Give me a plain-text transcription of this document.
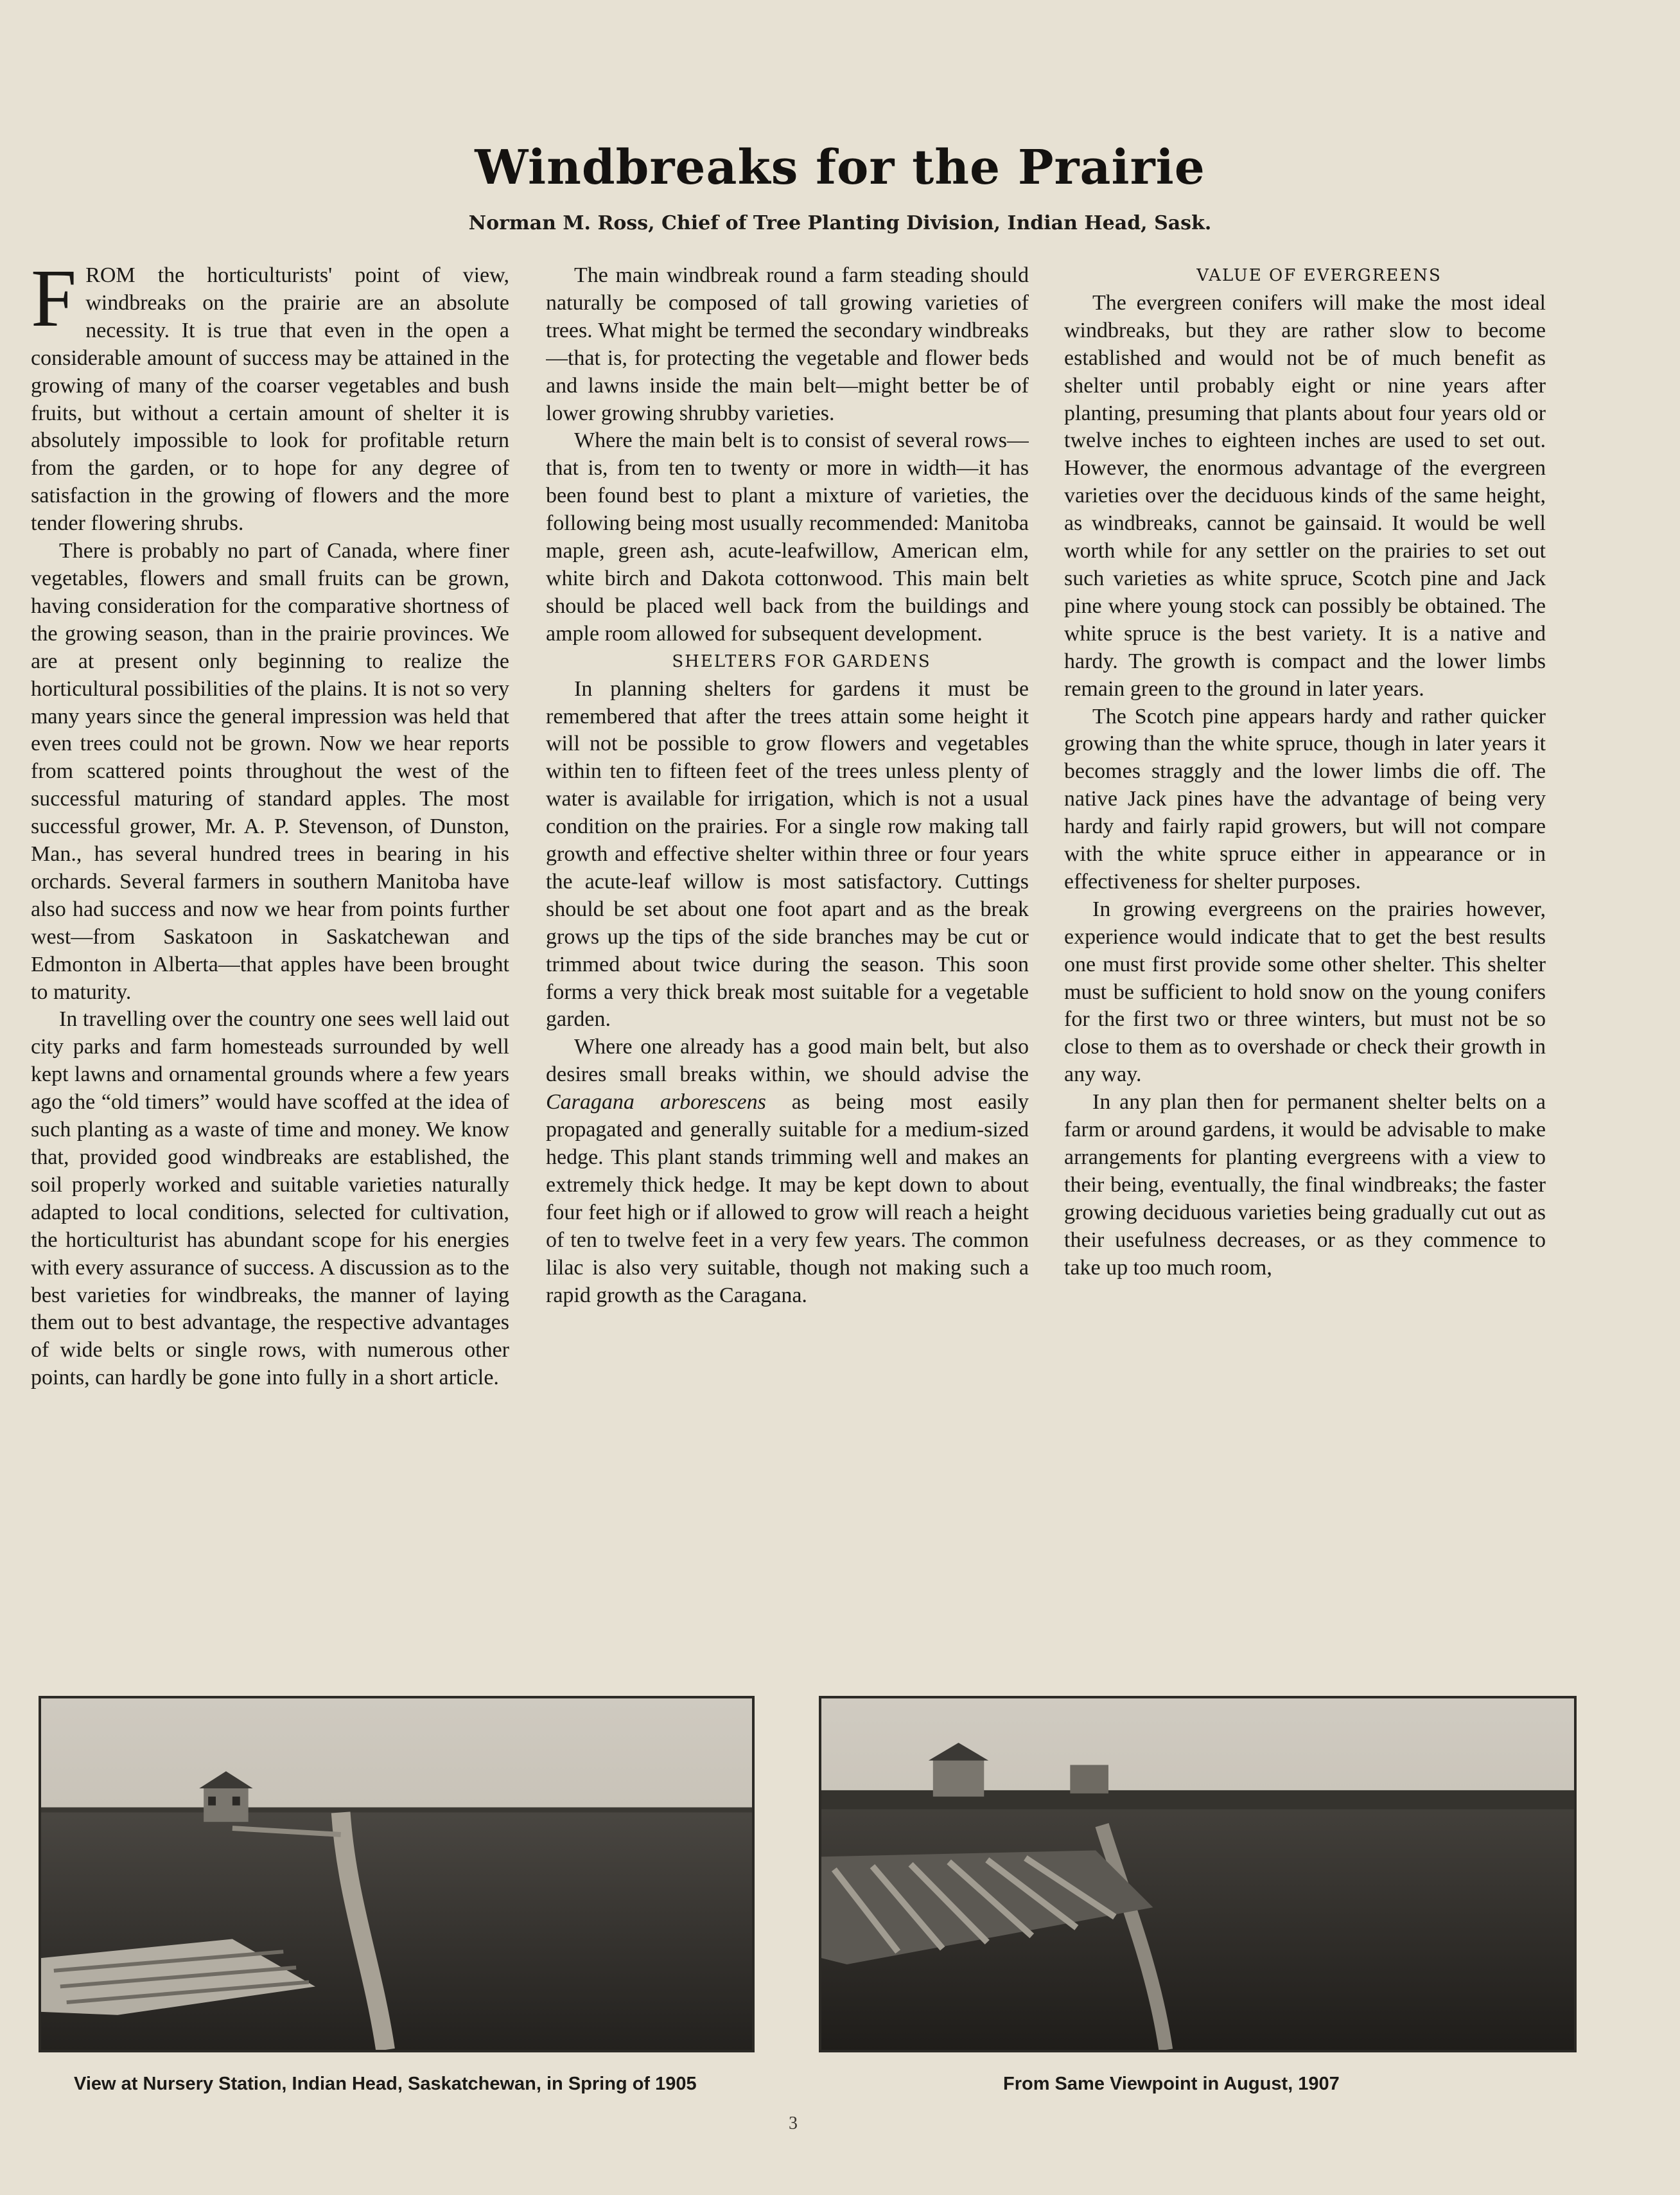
Windbreaks for the Prairie

Norman M. Ross, Chief of Tree Planting Division, Indian Head, Sask.

FROM the horticulturists' point of view, windbreaks on the prairie are an absolute necessity. It is true that even in the open a considerable amount of success may be attained in the growing of many of the coarser vegetables and bush fruits, but without a certain amount of shelter it is absolutely impossible to look for profitable return from the garden, or to hope for any degree of satisfaction in the growing of flowers and the more tender flowering shrubs.

There is probably no part of Canada, where finer vegetables, flowers and small fruits can be grown, having consideration for the comparative shortness of the growing season, than in the prairie provinces. We are at present only beginning to realize the horticultural possibilities of the plains. It is not so very many years since the general impression was held that even trees could not be grown. Now we hear reports from scattered points throughout the west of the successful maturing of standard apples. The most successful grower, Mr. A. P. Stevenson, of Dunston, Man., has several hundred trees in bearing in his orchards. Several farmers in southern Manitoba have also had success and now we hear from points further west—from Saskatoon in Saskatchewan and Edmonton in Alberta—that apples have been brought to maturity.

In travelling over the country one sees well laid out city parks and farm homesteads surrounded by well kept lawns and ornamental grounds where a few years ago the “old timers” would have scoffed at the idea of such planting as a waste of time and money. We know that, provided good windbreaks are established, the soil properly worked and suitable varieties naturally adapted to local conditions, selected for cultivation, the horticulturist has abundant scope for his energies with every assurance of success. A discussion as to the best varieties for windbreaks, the manner of laying them out to best advantage, the respective advantages of wide belts or single rows, with numerous other points, can hardly be gone into fully in a short article.

The main windbreak round a farm steading should naturally be composed of tall growing varieties of trees. What might be termed the secondary windbreaks—that is, for protecting the vegetable and flower beds and lawns inside the main belt—might better be of lower growing shrubby varieties.

Where the main belt is to consist of several rows—that is, from ten to twenty or more in width—it has been found best to plant a mixture of varieties, the following being most usually recommended: Manitoba maple, green ash, acute-leafwillow, American elm, white birch and Dakota cottonwood. This main belt should be placed well back from the buildings and ample room allowed for subsequent development.

SHELTERS FOR GARDENS

In planning shelters for gardens it must be remembered that after the trees attain some height it will not be possible to grow flowers and vegetables within ten to fifteen feet of the trees unless plenty of water is available for irrigation, which is not a usual condition on the prairies. For a single row making tall growth and effective shelter within three or four years the acute-leaf willow is most satisfactory. Cuttings should be set about one foot apart and as the break grows up the tips of the side branches may be cut or trimmed about twice during the season. This soon forms a very thick break most suitable for a vegetable garden.

Where one already has a good main belt, but also desires small breaks within, we should advise the Caragana arborescens as being most easily propagated and generally suitable for a medium-sized hedge. This plant stands trimming well and makes an extremely thick hedge. It may be kept down to about four feet high or if allowed to grow will reach a height of ten to twelve feet in a very few years. The common lilac is also very suitable, though not making such a rapid growth as the Caragana.

VALUE OF EVERGREENS

The evergreen conifers will make the most ideal windbreaks, but they are rather slow to become established and would not be of much benefit as shelter until probably eight or nine years after planting, presuming that plants about four years old or twelve inches to eighteen inches are used to set out. However, the enormous advantage of the evergreen varieties over the deciduous kinds of the same height, as windbreaks, cannot be gainsaid. It would be well worth while for any settler on the prairies to set out such varieties as white spruce, Scotch pine and Jack pine where young stock can possibly be obtained. The white spruce is the best variety. It is a native and hardy. The growth is compact and the lower limbs remain green to the ground in later years.

The Scotch pine appears hardy and rather quicker growing than the white spruce, though in later years it becomes straggly and the lower limbs die off. The native Jack pines have the advantage of being very hardy and fairly rapid growers, but will not compare with the white spruce either in appearance or in effectiveness for shelter purposes.

In growing evergreens on the prairies however, experience would indicate that to get the best results one must first provide some other shelter. This shelter must be sufficient to hold snow on the young conifers for the first two or three winters, but must not be so close to them as to overshade or check their growth in any way.

In any plan then for permanent shelter belts on a farm or around gardens, it would be advisable to make arrangements for planting evergreens with a view to their being, eventually, the final windbreaks; the faster growing deciduous varieties being gradually cut out as their usefulness decreases, or as they commence to take up too much room,

View at Nursery Station, Indian Head, Saskatchewan, in Spring of 1905	From Same Viewpoint in August, 1907

3
